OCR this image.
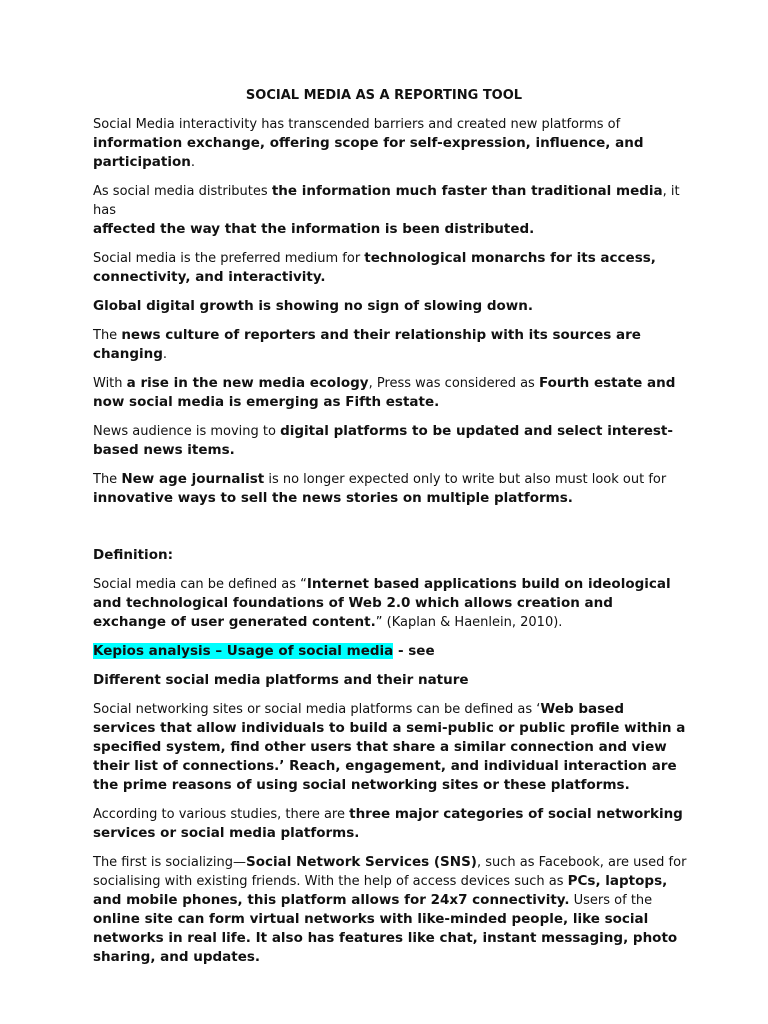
SOCIAL MEDIA AS A REPORTING TOOL

Social Media interactivity has transcended barriers and created new platforms of
information exchange, offering scope for self-expression, influence, and participation.

As social media distributes the information much faster than traditional media, it has
affected the way that the information is been distributed.

Social media is the preferred medium for technological monarchs for its access, connectivity, and interactivity.

Global digital growth is showing no sign of slowing down.

The news culture of reporters and their relationship with its sources are changing.

With a rise in the new media ecology, Press was considered as Fourth estate and now social media is emerging as Fifth estate.

News audience is moving to digital platforms to be updated and select interest- based news items.

The New age journalist is no longer expected only to write but also must look out for
innovative ways to sell the news stories on multiple platforms.

Definition:

Social media can be defined as “Internet based applications build on ideological and technological foundations of Web 2.0 which allows creation and exchange of user generated content.” (Kaplan & Haenlein, 2010).

Kepios analysis – Usage of social media - see

Different social media platforms and their nature

Social networking sites or social media platforms can be defined as ‘Web based services that allow individuals to build a semi-public or public profile within a specified system, find other users that share a similar connection and view their list of connections.’ Reach, engagement, and individual interaction are the prime reasons of using social networking sites or these platforms.

According to various studies, there are three major categories of social networking services or social media platforms.

The first is socializing—Social Network Services (SNS), such as Facebook, are used for socialising with existing friends. With the help of access devices such as PCs, laptops, and mobile phones, this platform allows for 24x7 connectivity. Users of the online site can form virtual networks with like-minded people, like social networks in real life. It also has features like chat, instant messaging, photo sharing, and updates.
